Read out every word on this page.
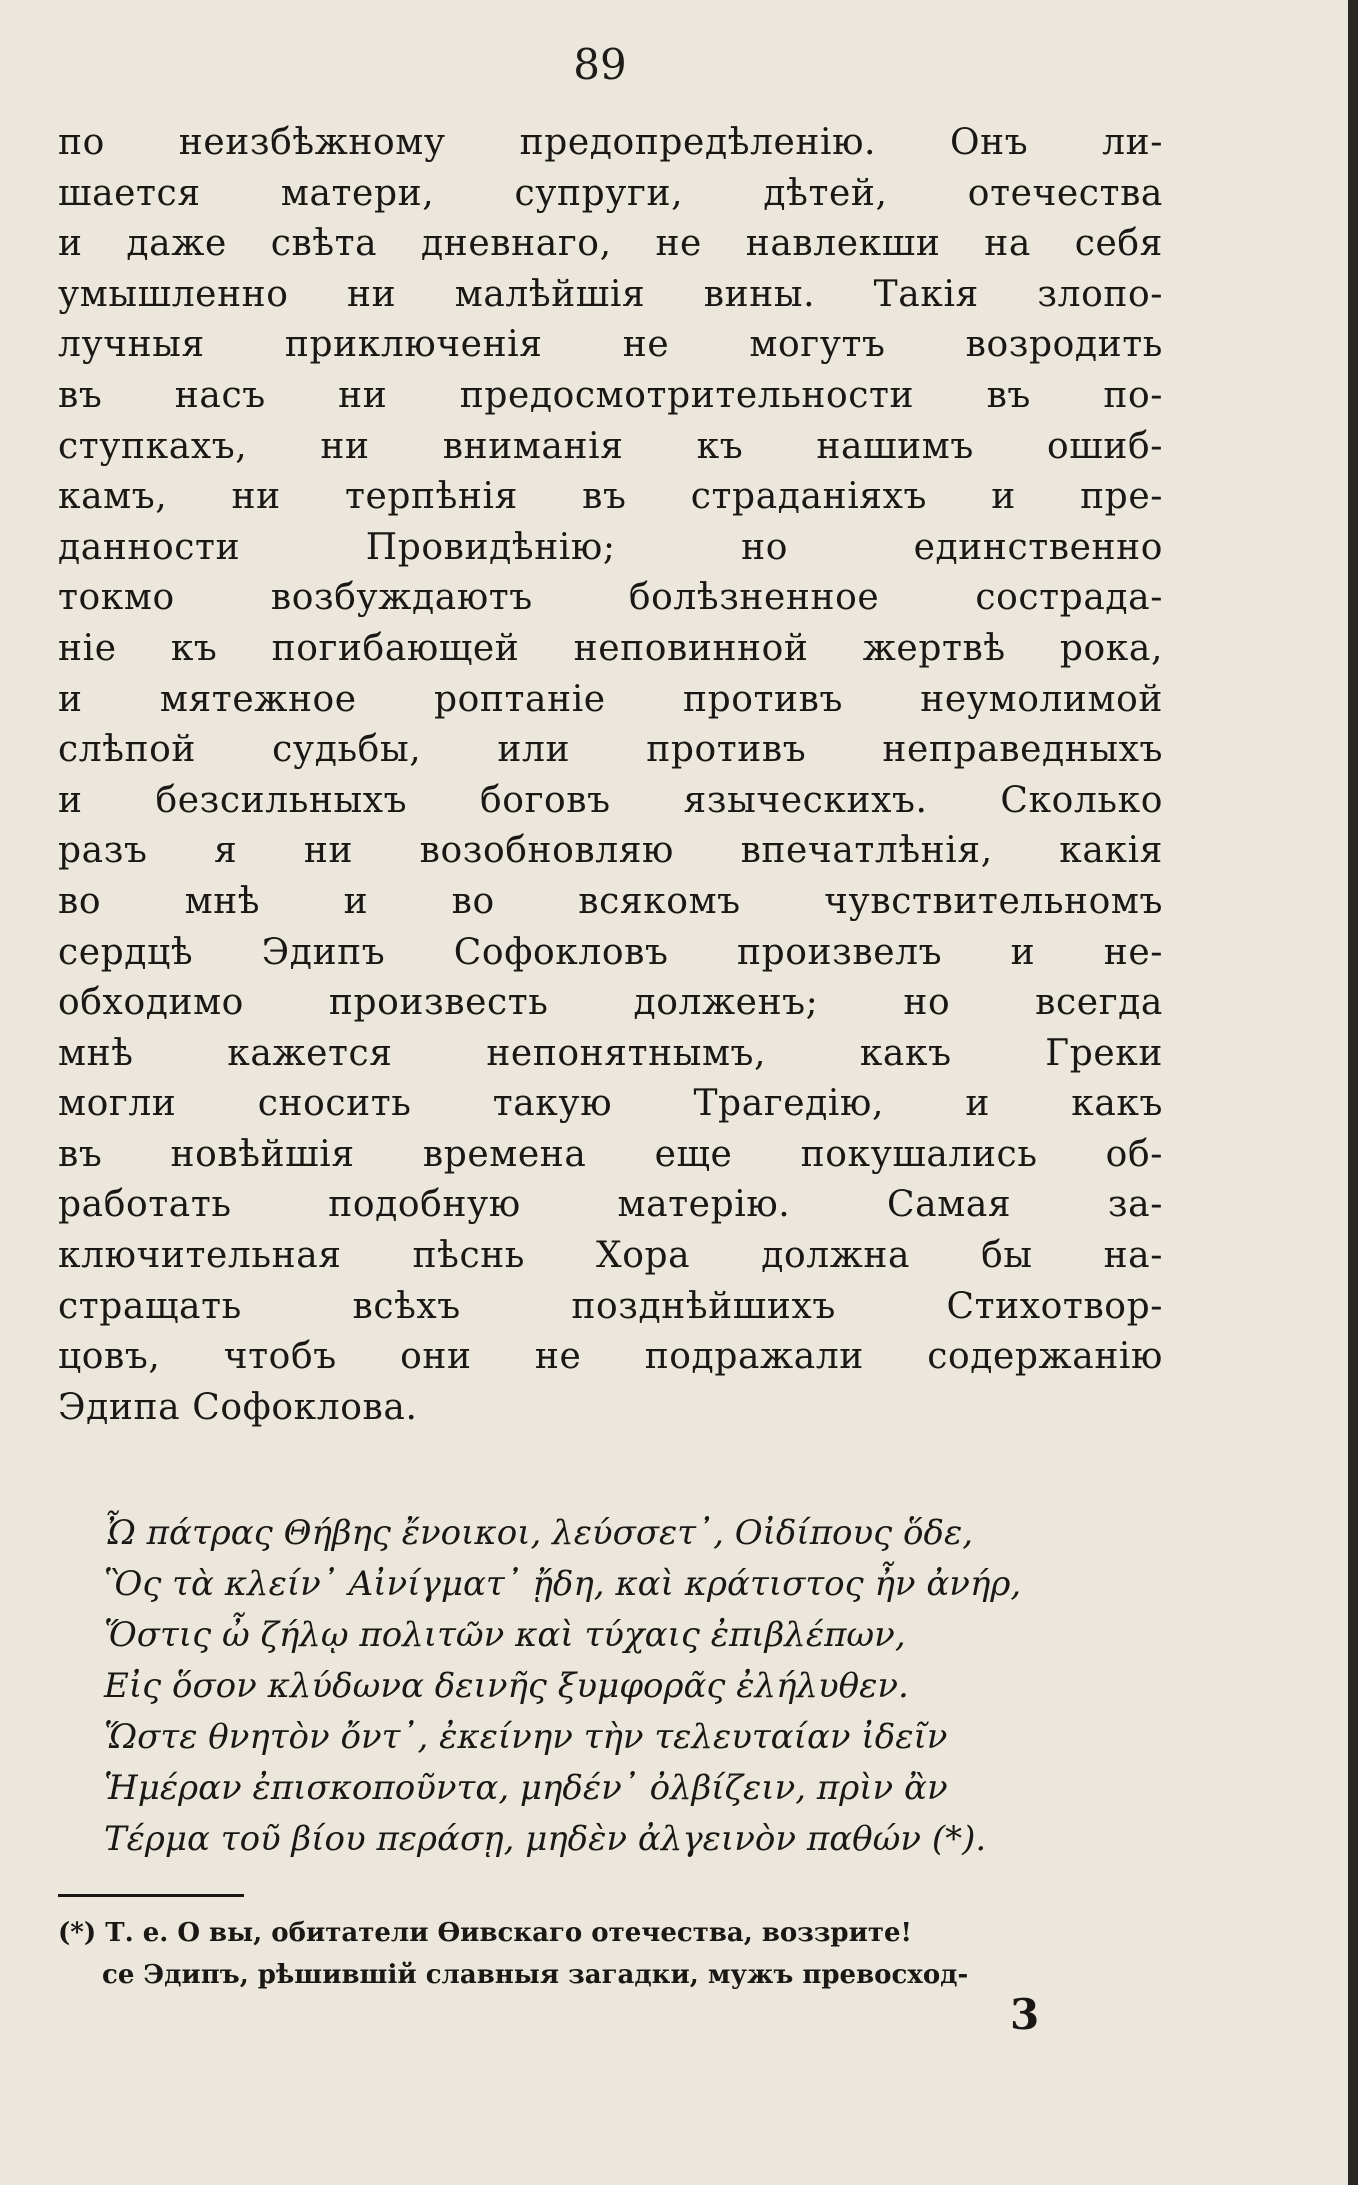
89
по неизбѣжному предопредѣленію. Онъ ли-
шается матери, супруги, дѣтей, отечества
и даже свѣта дневнаго, не навлекши на себя
умышленно ни малѣйшія вины. Такія злопо-
лучныя приключенія не могутъ возродить
въ насъ ни предосмотрительности въ по-
ступкахъ, ни вниманія къ нашимъ ошиб-
камъ, ни терпѣнія въ страданіяхъ и пре-
данности Провидѣнію; но единственно
токмо возбуждаютъ болѣзненное сострада-
ніе къ погибающей неповинной жертвѣ рока,
и мятежное роптаніе противъ неумолимой
слѣпой судьбы, или противъ неправедныхъ
и безсильныхъ боговъ языческихъ. Сколько
разъ я ни возобновляю впечатлѣнія, какія
во мнѣ и во всякомъ чувствительномъ
сердцѣ Эдипъ Софокловъ произвелъ и не-
обходимо произвесть долженъ; но всегда
мнѣ кажется непонятнымъ, какъ Греки
могли сносить такую Трагедію, и какъ
въ новѣйшія времена еще покушались об-
работать подобную матерію. Самая за-
ключительная пѣснь Хора должна бы на-
стращать всѣхъ позднѣйшихъ Стихотвор-
цовъ, чтобъ они не подражали содержанію
Эдипа Софоклова.
Ὦ πάτρας Θήβης ἔνοικοι, λεύσσετ᾽, Οἰδίπους ὅδε,
Ὃς τὰ κλείν᾽ Αἰνίγματ᾽ ᾔδη, καὶ κράτιστος ἦν ἀνήρ,
Ὅστις ὦ ζήλῳ πολιτῶν καὶ τύχαις ἐπιβλέπων,
Εἰς ὅσον κλύδωνα δεινῆς ξυμφορᾶς ἐλήλυθεν.
Ὥστε θνητὸν ὄντ᾽, ἐκείνην τὴν τελευταίαν ἰδεῖν
Ἡμέραν ἐπισκοποῦντα, μηδέν᾽ ὀλβίζειν, πρὶν ἂν
Τέρμα τοῦ βίου περάσῃ, μηδὲν ἀλγεινὸν παθών (*).
(*) Т. е. О вы, обитатели Ѳивскаго отечества, воззрите!
се Эдипъ, рѣшившій славныя загадки, мужъ превосход-
3
